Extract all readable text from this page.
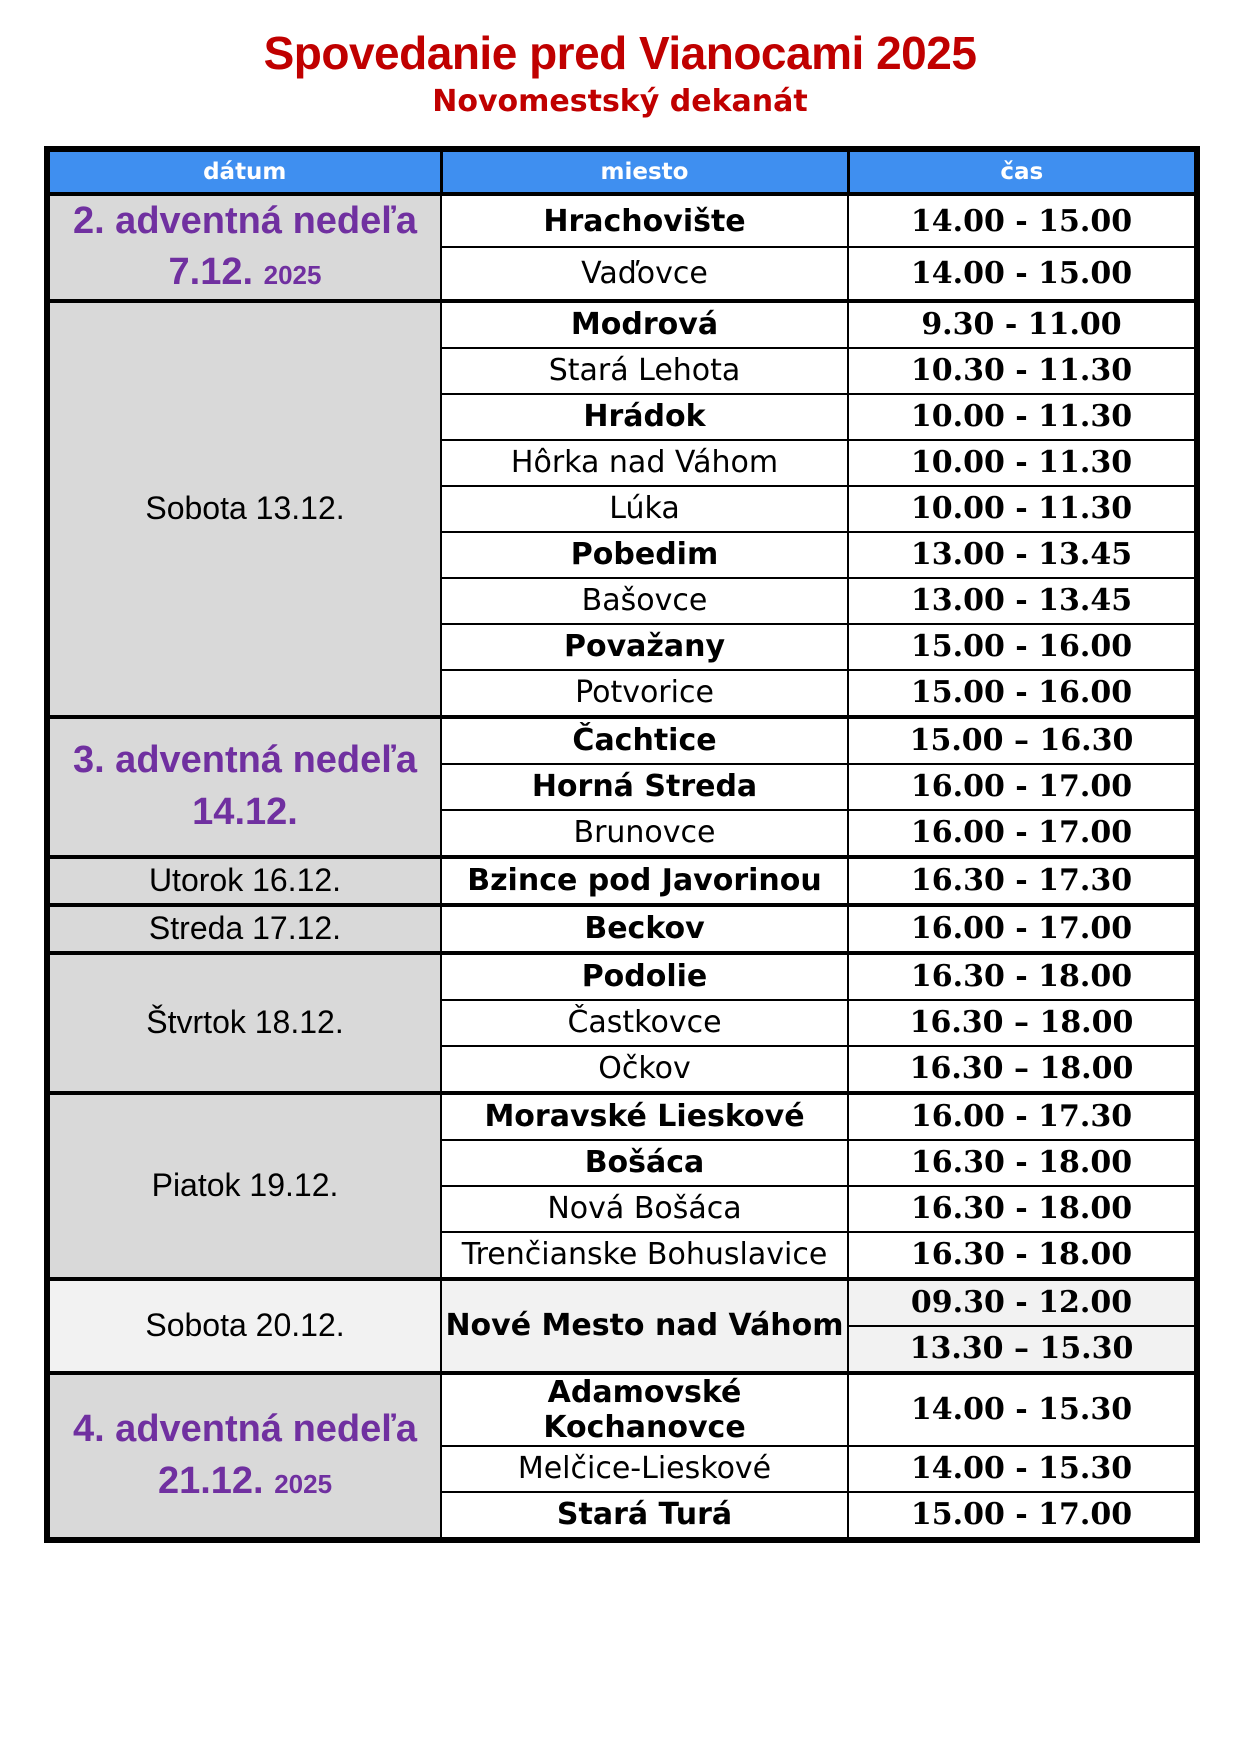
Spovedanie pred Vianocami 2025
Novomestský dekanát
dátum	miesto	čas

2. adventná nedeľa
7.12. 2025	Hrachovište	14.00 - 15.00
	Vaďovce	14.00 - 15.00

Sobota 13.12.	Modrová	9.30 - 11.00
	Stará Lehota	10.30 - 11.30
	Hrádok	10.00 - 11.30
	Hôrka nad Váhom	10.00 - 11.30
	Lúka	10.00 - 11.30
	Pobedim	13.00 - 13.45
	Bašovce	13.00 - 13.45
	Považany	15.00 - 16.00
	Potvorice	15.00 - 16.00

3. adventná nedeľa
14.12.	Čachtice	15.00 – 16.30
	Horná Streda	16.00 - 17.00
	Brunovce	16.00 - 17.00

Utorok 16.12.	Bzince pod Javorinou	16.30 - 17.30

Streda 17.12.	Beckov	16.00 - 17.00

Štvrtok 18.12.	Podolie	16.30 - 18.00
	Častkovce	16.30 – 18.00
	Očkov	16.30 – 18.00

Piatok 19.12.	Moravské Lieskové	16.00 - 17.30
	Bošáca	16.30 - 18.00
	Nová Bošáca	16.30 - 18.00
	Trenčianske Bohuslavice	16.30 - 18.00

Sobota 20.12.	Nové Mesto nad Váhom	09.30 - 12.00
		13.30 – 15.30

4. adventná nedeľa
21.12. 2025	Adamovské Kochanovce	14.00 - 15.30
	Melčice-Lieskové	14.00 - 15.30
	Stará Turá	15.00 - 17.00
